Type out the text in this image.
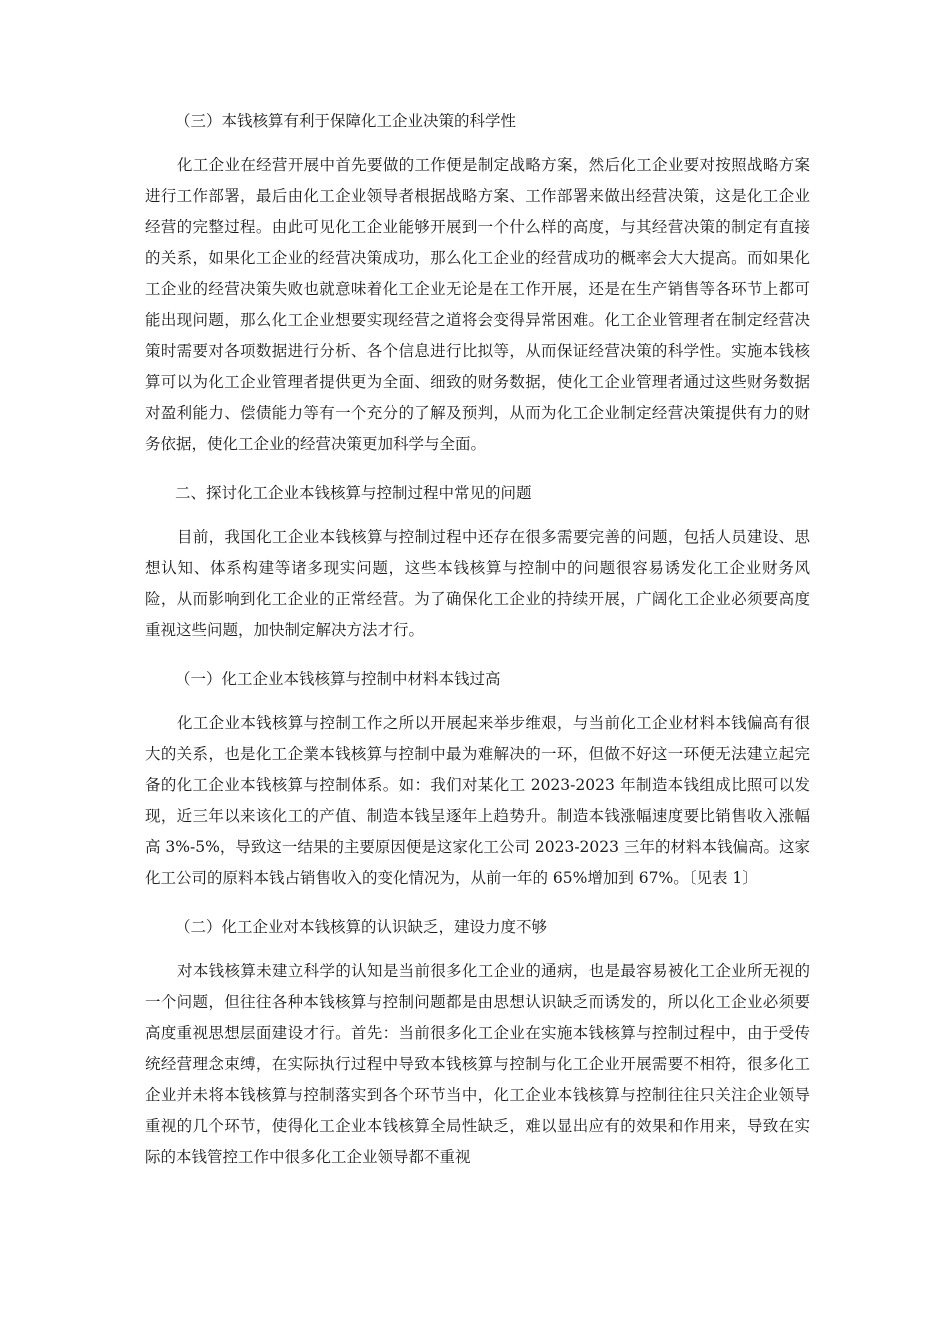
（三）本钱核算有利于保障化工企业决策的科学性

化工企业在经营开展中首先要做的工作便是制定战略方案，然后化工企业要对按照战略方案进行工作部署，最后由化工企业领导者根据战略方案、工作部署来做出经营决策，这是化工企业经营的完整过程。由此可见化工企业能够开展到一个什么样的高度，与其经营决策的制定有直接的关系，如果化工企业的经营决策成功，那么化工企业的经营成功的概率会大大提高。而如果化工企业的经营决策失败也就意味着化工企业无论是在工作开展，还是在生产销售等各环节上都可能出现问题，那么化工企业想要实现经营之道将会变得异常困难。化工企业管理者在制定经营决策时需要对各项数据进行分析、各个信息进行比拟等，从而保证经营决策的科学性。实施本钱核算可以为化工企业管理者提供更为全面、细致的财务数据，使化工企业管理者通过这些财务数据对盈利能力、偿债能力等有一个充分的了解及预判，从而为化工企业制定经营决策提供有力的财务依据，使化工企业的经营决策更加科学与全面。

二、探讨化工企业本钱核算与控制过程中常见的问题

目前，我国化工企业本钱核算与控制过程中还存在很多需要完善的问题，包括人员建设、思想认知、体系构建等诸多现实问题，这些本钱核算与控制中的问题很容易诱发化工企业财务风险，从而影响到化工企业的正常经营。为了确保化工企业的持续开展，广阔化工企业必须要高度重视这些问题，加快制定解决方法才行。

（一）化工企业本钱核算与控制中材料本钱过高

化工企业本钱核算与控制工作之所以开展起来举步维艰，与当前化工企业材料本钱偏高有很大的关系，也是化工企業本钱核算与控制中最为难解决的一环，但做不好这一环便无法建立起完备的化工企业本钱核算与控制体系。如：我们对某化工 2023-2023 年制造本钱组成比照可以发现，近三年以来该化工的产值、制造本钱呈逐年上趋势升。制造本钱涨幅速度要比销售收入涨幅高 3%-5%，导致这一结果的主要原因便是这家化工公司 2023-2023 三年的材料本钱偏高。这家化工公司的原料本钱占销售收入的变化情况为，从前一年的 65%增加到 67%。〔见表 1〕

（二）化工企业对本钱核算的认识缺乏，建设力度不够

对本钱核算未建立科学的认知是当前很多化工企业的通病，也是最容易被化工企业所无视的一个问题，但往往各种本钱核算与控制问题都是由思想认识缺乏而诱发的，所以化工企业必须要高度重视思想层面建设才行。首先：当前很多化工企业在实施本钱核算与控制过程中，由于受传统经营理念束缚，在实际执行过程中导致本钱核算与控制与化工企业开展需要不相符，很多化工企业并未将本钱核算与控制落实到各个环节当中，化工企业本钱核算与控制往往只关注企业领导重视的几个环节，使得化工企业本钱核算全局性缺乏，难以显出应有的效果和作用来，导致在实际的本钱管控工作中很多化工企业领导都不重视
